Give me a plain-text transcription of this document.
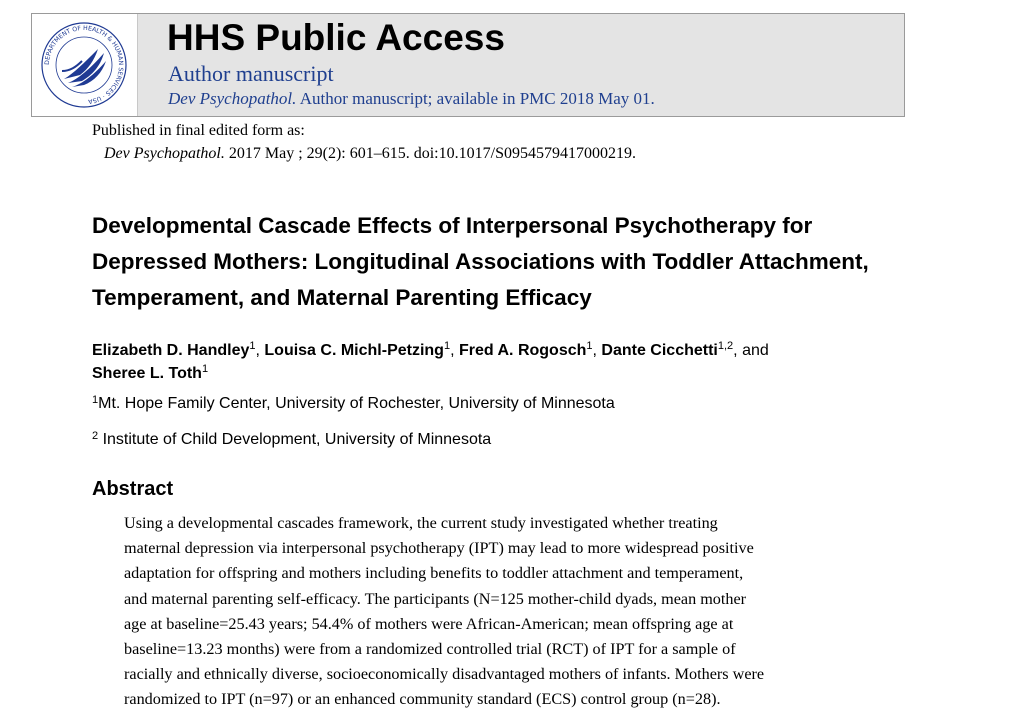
DEPARTMENT OF HEALTH & HUMAN SERVICES · USA
HHS Public Access
Author manuscript
Dev Psychopathol. Author manuscript; available in PMC 2018 May 01.
Published in final edited form as:
Dev Psychopathol. 2017 May ; 29(2): 601–615. doi:10.1017/S0954579417000219.
Developmental Cascade Effects of Interpersonal Psychotherapy for Depressed Mothers: Longitudinal Associations with Toddler Attachment, Temperament, and Maternal Parenting Efficacy
Elizabeth D. Handley$^1$, Louisa C. Michl-Petzing$^1$, Fred A. Rogosch$^1$, Dante Cicchetti$^{1,2}$, and
Sheree L. Toth$^1$
$^1$Mt. Hope Family Center, University of Rochester, University of Minnesota
$^2$ Institute of Child Development, University of Minnesota
Abstract
Using a developmental cascades framework, the current study investigated whether treating
maternal depression via interpersonal psychotherapy (IPT) may lead to more widespread positive
adaptation for offspring and mothers including benefits to toddler attachment and temperament,
and maternal parenting self-efficacy. The participants (N=125 mother-child dyads, mean mother
age at baseline=25.43 years; 54.4% of mothers were African-American; mean offspring age at
baseline=13.23 months) were from a randomized controlled trial (RCT) of IPT for a sample of
racially and ethnically diverse, socioeconomically disadvantaged mothers of infants. Mothers were
randomized to IPT (n=97) or an enhanced community standard (ECS) control group (n=28).
